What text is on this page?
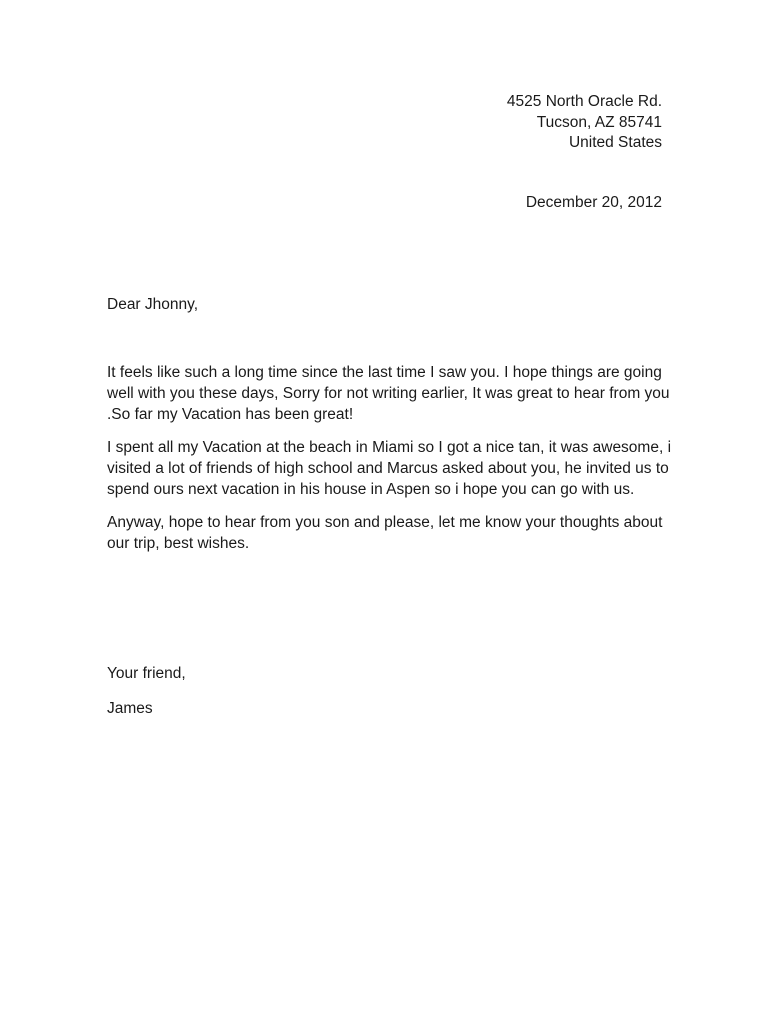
4525 North Oracle Rd.
Tucson, AZ 85741
United States
December 20, 2012
Dear Jhonny,

It feels like such a long time since the last time I saw you. I hope things are going
well with you these days, Sorry for not writing earlier, It was great to hear from you
.So far my Vacation has been great!

I spent all my Vacation at the beach in Miami so I got a nice tan, it was awesome, i
visited a lot of friends of high school and Marcus asked about you, he invited us to
spend ours next vacation in his house in Aspen so i hope you can go with us.

Anyway, hope to hear from you son and please, let me know your thoughts about
our trip, best wishes.

Your friend,
James
